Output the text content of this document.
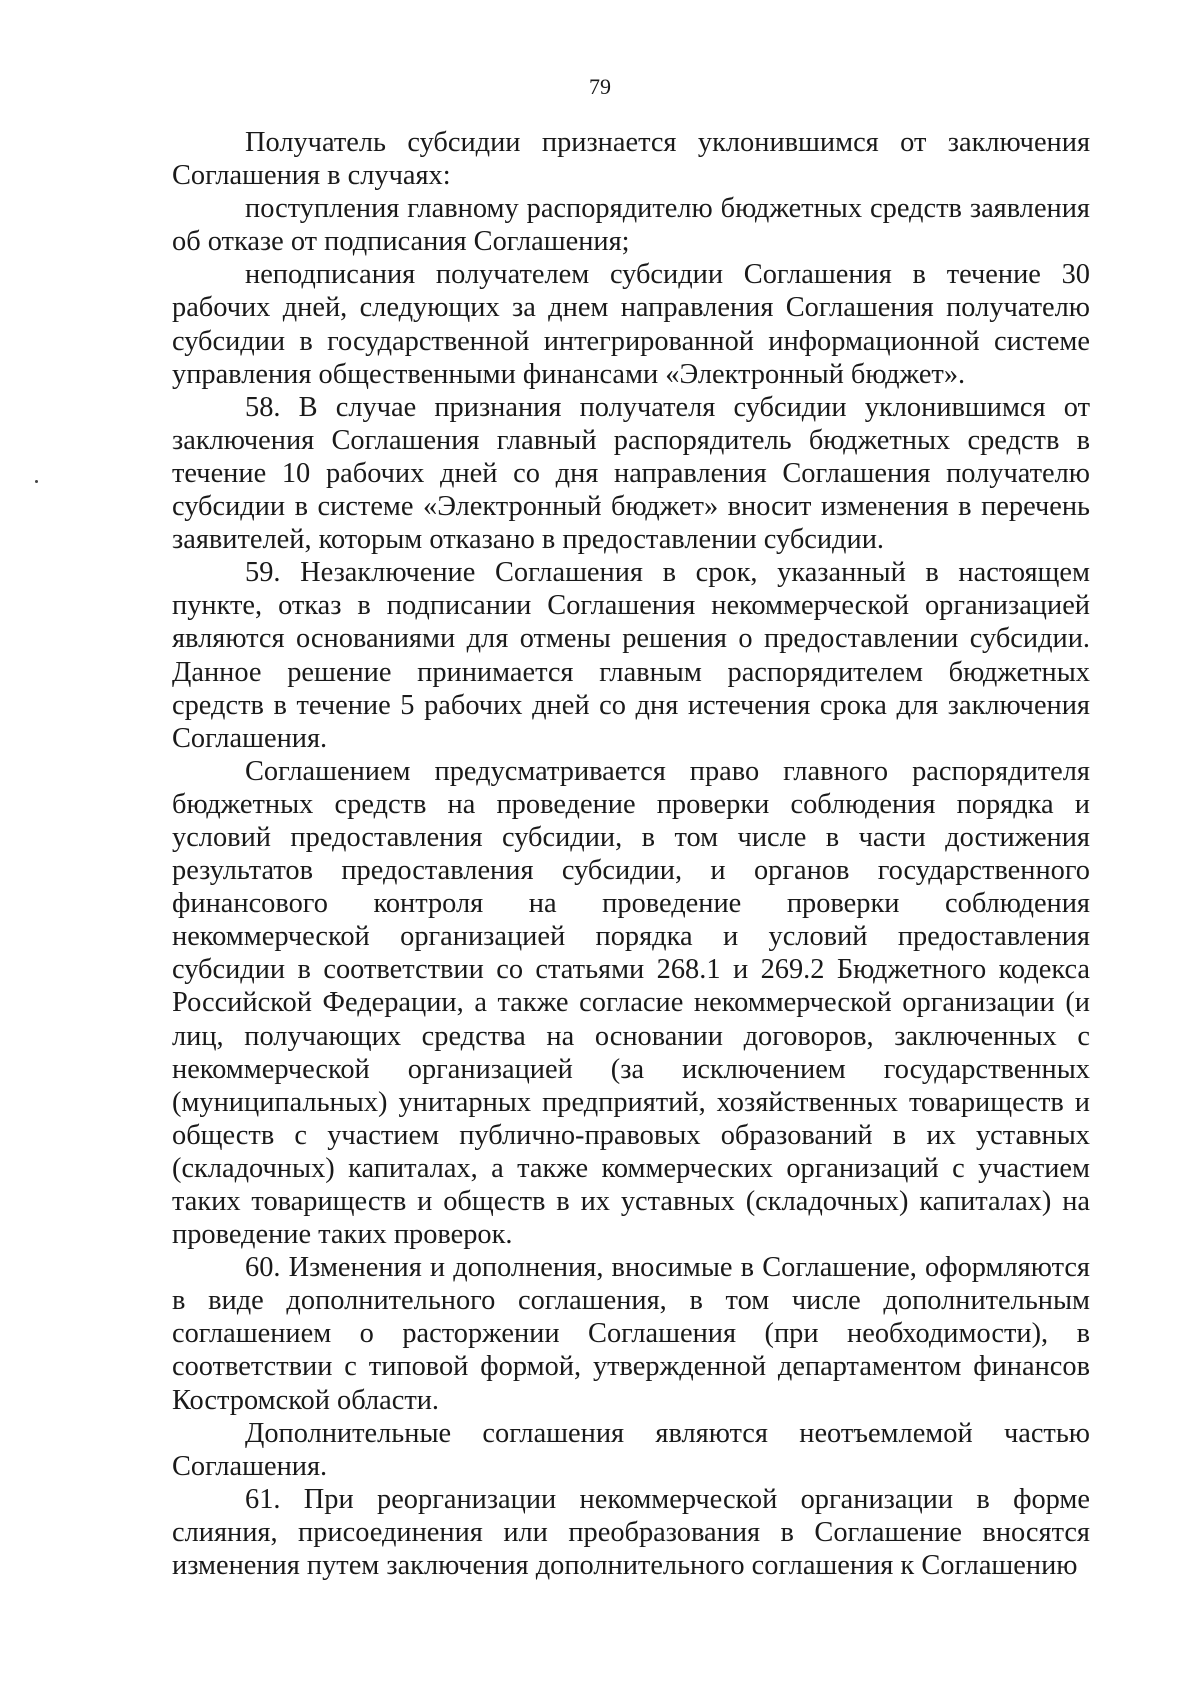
79

Получатель субсидии признается уклонившимся от заключения Соглашения в случаях:

поступления главному распорядителю бюджетных средств заявления об отказе от подписания Соглашения;

неподписания получателем субсидии Соглашения в течение 30 рабочих дней, следующих за днем направления Соглашения получателю субсидии в государственной интегрированной информационной системе управления общественными финансами «Электронный бюджет».

58. В случае признания получателя субсидии уклонившимся от заключения Соглашения главный распорядитель бюджетных средств в течение 10 рабочих дней со дня направления Соглашения получателю субсидии в системе «Электронный бюджет» вносит изменения в перечень заявителей, которым отказано в предоставлении субсидии.

59. Незаключение Соглашения в срок, указанный в настоящем пункте, отказ в подписании Соглашения некоммерческой организацией являются основаниями для отмены решения о предоставлении субсидии. Данное решение принимается главным распорядителем бюджетных средств в течение 5 рабочих дней со дня истечения срока для заключения Соглашения.

Соглашением предусматривается право главного распорядителя бюджетных средств на проведение проверки соблюдения порядка и условий предоставления субсидии, в том числе в части достижения результатов предоставления субсидии, и органов государственного финансового контроля на проведение проверки соблюдения некоммерческой организацией порядка и условий предоставления субсидии в соответствии со статьями 268.1 и 269.2 Бюджетного кодекса Российской Федерации, а также согласие некоммерческой организации (и лиц, получающих средства на основании договоров, заключенных с некоммерческой организацией (за исключением государственных (муниципальных) унитарных предприятий, хозяйственных товариществ и обществ с участием публично-правовых образований в их уставных (складочных) капиталах, а также коммерческих организаций с участием таких товариществ и обществ в их уставных (складочных) капиталах) на проведение таких проверок.

60. Изменения и дополнения, вносимые в Соглашение, оформляются в виде дополнительного соглашения, в том числе дополнительным соглашением о расторжении Соглашения (при необходимости), в соответствии с типовой формой, утвержденной департаментом финансов Костромской области.

Дополнительные соглашения являются неотъемлемой частью Соглашения.

61. При реорганизации некоммерческой организации в форме слияния, присоединения или преобразования в Соглашение вносятся изменения путем заключения дополнительного соглашения к Соглашению
